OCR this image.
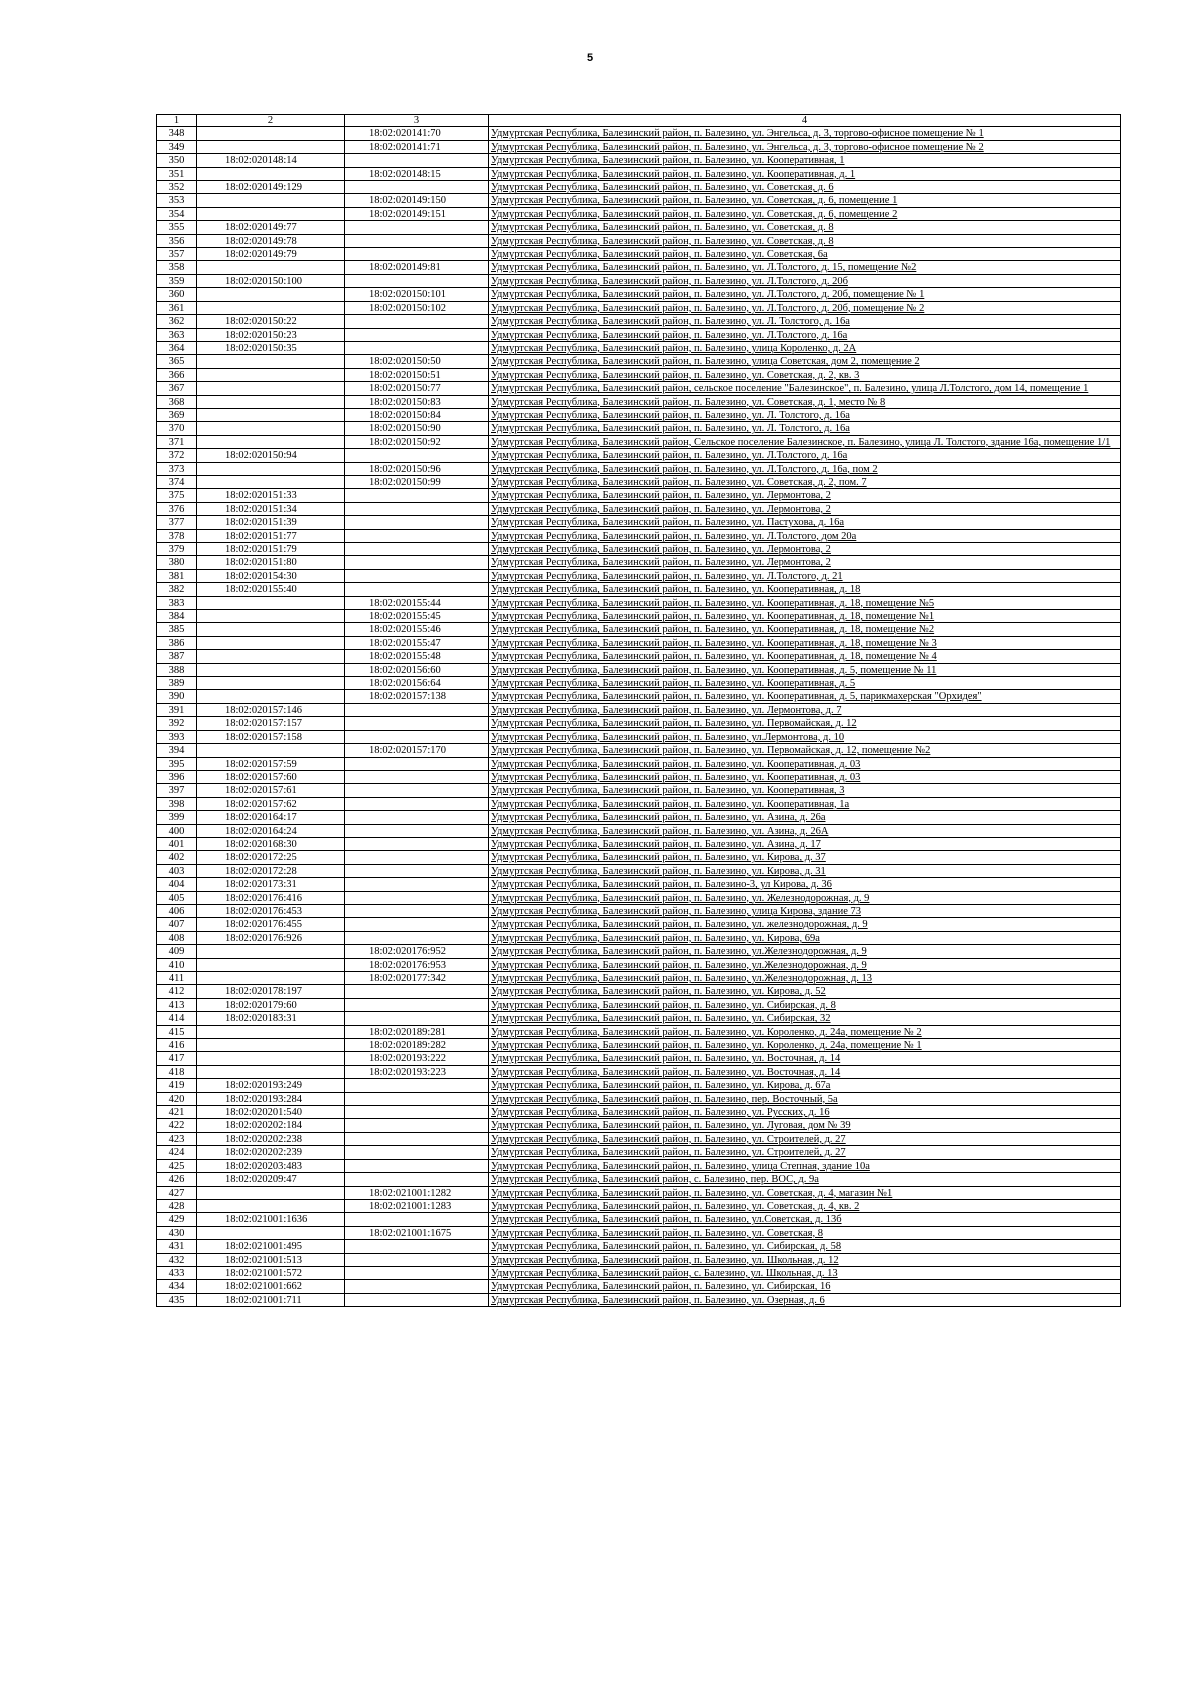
5
1	2	3	4
348		18:02:020141:70	Удмуртская Республика, Балезинский район, п. Балезино, ул. Энгельса, д. 3, торгово-офисное помещение № 1
349		18:02:020141:71	Удмуртская Республика, Балезинский район, п. Балезино, ул. Энгельса, д. 3, торгово-офисное помещение № 2
350	18:02:020148:14		Удмуртская Республика, Балезинский район, п. Балезино, ул. Кооперативная, 1
351		18:02:020148:15	Удмуртская Республика, Балезинский район, п. Балезино, ул. Кооперативная, д. 1
352	18:02:020149:129		Удмуртская Республика, Балезинский район, п. Балезино, ул. Советская, д. 6
353		18:02:020149:150	Удмуртская Республика, Балезинский район, п. Балезино, ул. Советская, д. 6, помещение 1
354		18:02:020149:151	Удмуртская Республика, Балезинский район, п. Балезино, ул. Советская, д. 6, помещение 2
355	18:02:020149:77		Удмуртская Республика, Балезинский район, п. Балезино, ул. Советская, д. 8
356	18:02:020149:78		Удмуртская Республика, Балезинский район, п. Балезино, ул. Советская, д. 8
357	18:02:020149:79		Удмуртская Республика, Балезинский район, п. Балезино, ул. Советская, 6а
358		18:02:020149:81	Удмуртская Республика, Балезинский район, п. Балезино, ул. Л.Толстого, д. 15, помещение №2
359	18:02:020150:100		Удмуртская Республика, Балезинский район, п. Балезино, ул. Л.Толстого, д. 20б
360		18:02:020150:101	Удмуртская Республика, Балезинский район, п. Балезино, ул. Л.Толстого, д. 20б, помещение № 1
361		18:02:020150:102	Удмуртская Республика, Балезинский район, п. Балезино, ул. Л.Толстого, д. 20б, помещение № 2
362	18:02:020150:22		Удмуртская Республика, Балезинский район, п. Балезино, ул. Л. Толстого, д. 16а
363	18:02:020150:23		Удмуртская Республика, Балезинский район, п. Балезино, ул. Л.Толстого, д. 16а
364	18:02:020150:35		Удмуртская Республика, Балезинский район, п. Балезино, улица Короленко, д. 2А
365		18:02:020150:50	Удмуртская Республика, Балезинский район, п. Балезино, улица Советская, дом 2, помещение 2
366		18:02:020150:51	Удмуртская Республика, Балезинский район, п. Балезино, ул. Советская, д. 2, кв. 3
367		18:02:020150:77	Удмуртская Республика, Балезинский район, сельское поселение "Балезинское", п. Балезино, улица Л.Толстого, дом 14, помещение 1
368		18:02:020150:83	Удмуртская Республика, Балезинский район, п. Балезино, ул. Советская, д. 1, место № 8
369		18:02:020150:84	Удмуртская Республика, Балезинский район, п. Балезино, ул. Л. Толстого, д. 16а
370		18:02:020150:90	Удмуртская Республика, Балезинский район, п. Балезино, ул. Л. Толстого, д. 16а
371		18:02:020150:92	Удмуртская Республика, Балезинский район, Сельское поселение Балезинское, п. Балезино, улица Л. Толстого, здание 16а, помещение 1/1
372	18:02:020150:94		Удмуртская Республика, Балезинский район, п. Балезино, ул. Л.Толстого, д. 16а
373		18:02:020150:96	Удмуртская Республика, Балезинский район, п. Балезино, ул. Л.Толстого, д. 16а, пом 2
374		18:02:020150:99	Удмуртская Республика, Балезинский район, п. Балезино, ул. Советская, д. 2, пом. 7
375	18:02:020151:33		Удмуртская Республика, Балезинский район, п. Балезино, ул. Лермонтова, 2
376	18:02:020151:34		Удмуртская Республика, Балезинский район, п. Балезино, ул. Лермонтова, 2
377	18:02:020151:39		Удмуртская Республика, Балезинский район, п. Балезино, ул. Пастухова, д. 16а
378	18:02:020151:77		Удмуртская Республика, Балезинский район, п. Балезино, ул. Л.Толстого, дом 20а
379	18:02:020151:79		Удмуртская Республика, Балезинский район, п. Балезино, ул. Лермонтова, 2
380	18:02:020151:80		Удмуртская Республика, Балезинский район, п. Балезино, ул. Лермонтова, 2
381	18:02:020154:30		Удмуртская Республика, Балезинский район, п. Балезино, ул. Л.Толстого, д. 21
382	18:02:020155:40		Удмуртская Республика, Балезинский район, п. Балезино, ул. Кооперативная, д. 18
383		18:02:020155:44	Удмуртская Республика, Балезинский район, п. Балезино, ул. Кооперативная, д. 18, помещение №5
384		18:02:020155:45	Удмуртская Республика, Балезинский район, п. Балезино, ул. Кооперативная, д. 18, помещение №1
385		18:02:020155:46	Удмуртская Республика, Балезинский район, п. Балезино, ул. Кооперативная, д. 18, помещение №2
386		18:02:020155:47	Удмуртская Республика, Балезинский район, п. Балезино, ул. Кооперативная, д. 18, помещение № 3
387		18:02:020155:48	Удмуртская Республика, Балезинский район, п. Балезино, ул. Кооперативная, д. 18, помещение № 4
388		18:02:020156:60	Удмуртская Республика, Балезинский район, п. Балезино, ул. Кооперативная, д. 5, помещение № 11
389		18:02:020156:64	Удмуртская Республика, Балезинский район, п. Балезино, ул. Кооперативная, д. 5
390		18:02:020157:138	Удмуртская Республика, Балезинский район, п. Балезино, ул. Кооперативная, д. 5, парикмахерская "Орхидея"
391	18:02:020157:146		Удмуртская Республика, Балезинский район, п. Балезино, ул. Лермонтова, д. 7
392	18:02:020157:157		Удмуртская Республика, Балезинский район, п. Балезино, ул. Первомайская, д. 12
393	18:02:020157:158		Удмуртская Республика, Балезинский район, п. Балезино, ул.Лермонтова, д. 10
394		18:02:020157:170	Удмуртская Республика, Балезинский район, п. Балезино, ул. Первомайская, д. 12, помещение №2
395	18:02:020157:59		Удмуртская Республика, Балезинский район, п. Балезино, ул. Кооперативная, д. 03
396	18:02:020157:60		Удмуртская Республика, Балезинский район, п. Балезино, ул. Кооперативная, д. 03
397	18:02:020157:61		Удмуртская Республика, Балезинский район, п. Балезино, ул. Кооперативная, 3
398	18:02:020157:62		Удмуртская Республика, Балезинский район, п. Балезино, ул. Кооперативная, 1а
399	18:02:020164:17		Удмуртская Республика, Балезинский район, п. Балезино, ул. Азина, д. 26а
400	18:02:020164:24		Удмуртская Республика, Балезинский район, п. Балезино, ул. Азина, д. 26А
401	18:02:020168:30		Удмуртская Республика, Балезинский район, п. Балезино, ул. Азина, д. 17
402	18:02:020172:25		Удмуртская Республика, Балезинский район, п. Балезино, ул. Кирова, д. 37
403	18:02:020172:28		Удмуртская Республика, Балезинский район, п. Балезино, ул. Кирова, д. 31
404	18:02:020173:31		Удмуртская Республика, Балезинский район, п. Балезино-3, ул Кирова, д. 36
405	18:02:020176:416		Удмуртская Республика, Балезинский район, п. Балезино, ул. Железнодорожная, д. 9
406	18:02:020176:453		Удмуртская Республика, Балезинский район, п. Балезино, улица Кирова, здание 73
407	18:02:020176:455		Удмуртская Республика, Балезинский район, п. Балезино, ул. железнодорожная, д. 9
408	18:02:020176:926		Удмуртская Республика, Балезинский район, п. Балезино, ул. Кирова, 69а
409		18:02:020176:952	Удмуртская Республика, Балезинский район, п. Балезино, ул.Железнодорожная, д. 9
410		18:02:020176:953	Удмуртская Республика, Балезинский район, п. Балезино, ул.Железнодорожная, д. 9
411		18:02:020177:342	Удмуртская Республика, Балезинский район, п. Балезино, ул.Железнодорожная, д. 13
412	18:02:020178:197		Удмуртская Республика, Балезинский район, п. Балезино, ул. Кирова, д. 52
413	18:02:020179:60		Удмуртская Республика, Балезинский район, п. Балезино, ул. Сибирская, д. 8
414	18:02:020183:31		Удмуртская Республика, Балезинский район, п. Балезино, ул. Сибирская, 32
415		18:02:020189:281	Удмуртская Республика, Балезинский район, п. Балезино, ул. Короленко, д. 24а, помещение № 2
416		18:02:020189:282	Удмуртская Республика, Балезинский район, п. Балезино, ул. Короленко, д. 24а, помещение № 1
417		18:02:020193:222	Удмуртская Республика, Балезинский район, п. Балезино, ул. Восточная, д. 14
418		18:02:020193:223	Удмуртская Республика, Балезинский район, п. Балезино, ул. Восточная, д. 14
419	18:02:020193:249		Удмуртская Республика, Балезинский район, п. Балезино, ул. Кирова, д. 67а
420	18:02:020193:284		Удмуртская Республика, Балезинский район, п. Балезино, пер. Восточный, 5а
421	18:02:020201:540		Удмуртская Республика, Балезинский район, п. Балезино, ул. Русских, д. 16
422	18:02:020202:184		Удмуртская Республика, Балезинский район, п. Балезино, ул. Луговая, дом № 39
423	18:02:020202:238		Удмуртская Республика, Балезинский район, п. Балезино, ул. Строителей, д. 27
424	18:02:020202:239		Удмуртская Республика, Балезинский район, п. Балезино, ул. Строителей, д. 27
425	18:02:020203:483		Удмуртская Республика, Балезинский район, п. Балезино, улица Степная, здание 10а
426	18:02:020209:47		Удмуртская Республика, Балезинский район, с. Балезино, пер. ВОС, д. 9а
427		18:02:021001:1282	Удмуртская Республика, Балезинский район, п. Балезино, ул. Советская, д. 4, магазин №1
428		18:02:021001:1283	Удмуртская Республика, Балезинский район, п. Балезино, ул. Советская, д. 4, кв. 2
429	18:02:021001:1636		Удмуртская Республика, Балезинский район, п. Балезино, ул.Советская, д. 13б
430		18:02:021001:1675	Удмуртская Республика, Балезинский район, п. Балезино, ул. Советская, 8
431	18:02:021001:495		Удмуртская Республика, Балезинский район, п. Балезино, ул. Сибирская, д. 58
432	18:02:021001:513		Удмуртская Республика, Балезинский район, п. Балезино, ул. Школьная, д. 12
433	18:02:021001:572		Удмуртская Республика, Балезинский район, с. Балезино, ул. Школьная, д. 13
434	18:02:021001:662		Удмуртская Республика, Балезинский район, п. Балезино, ул. Сибирская, 16
435	18:02:021001:711		Удмуртская Республика, Балезинский район, п. Балезино, ул. Озерная, д. 6
